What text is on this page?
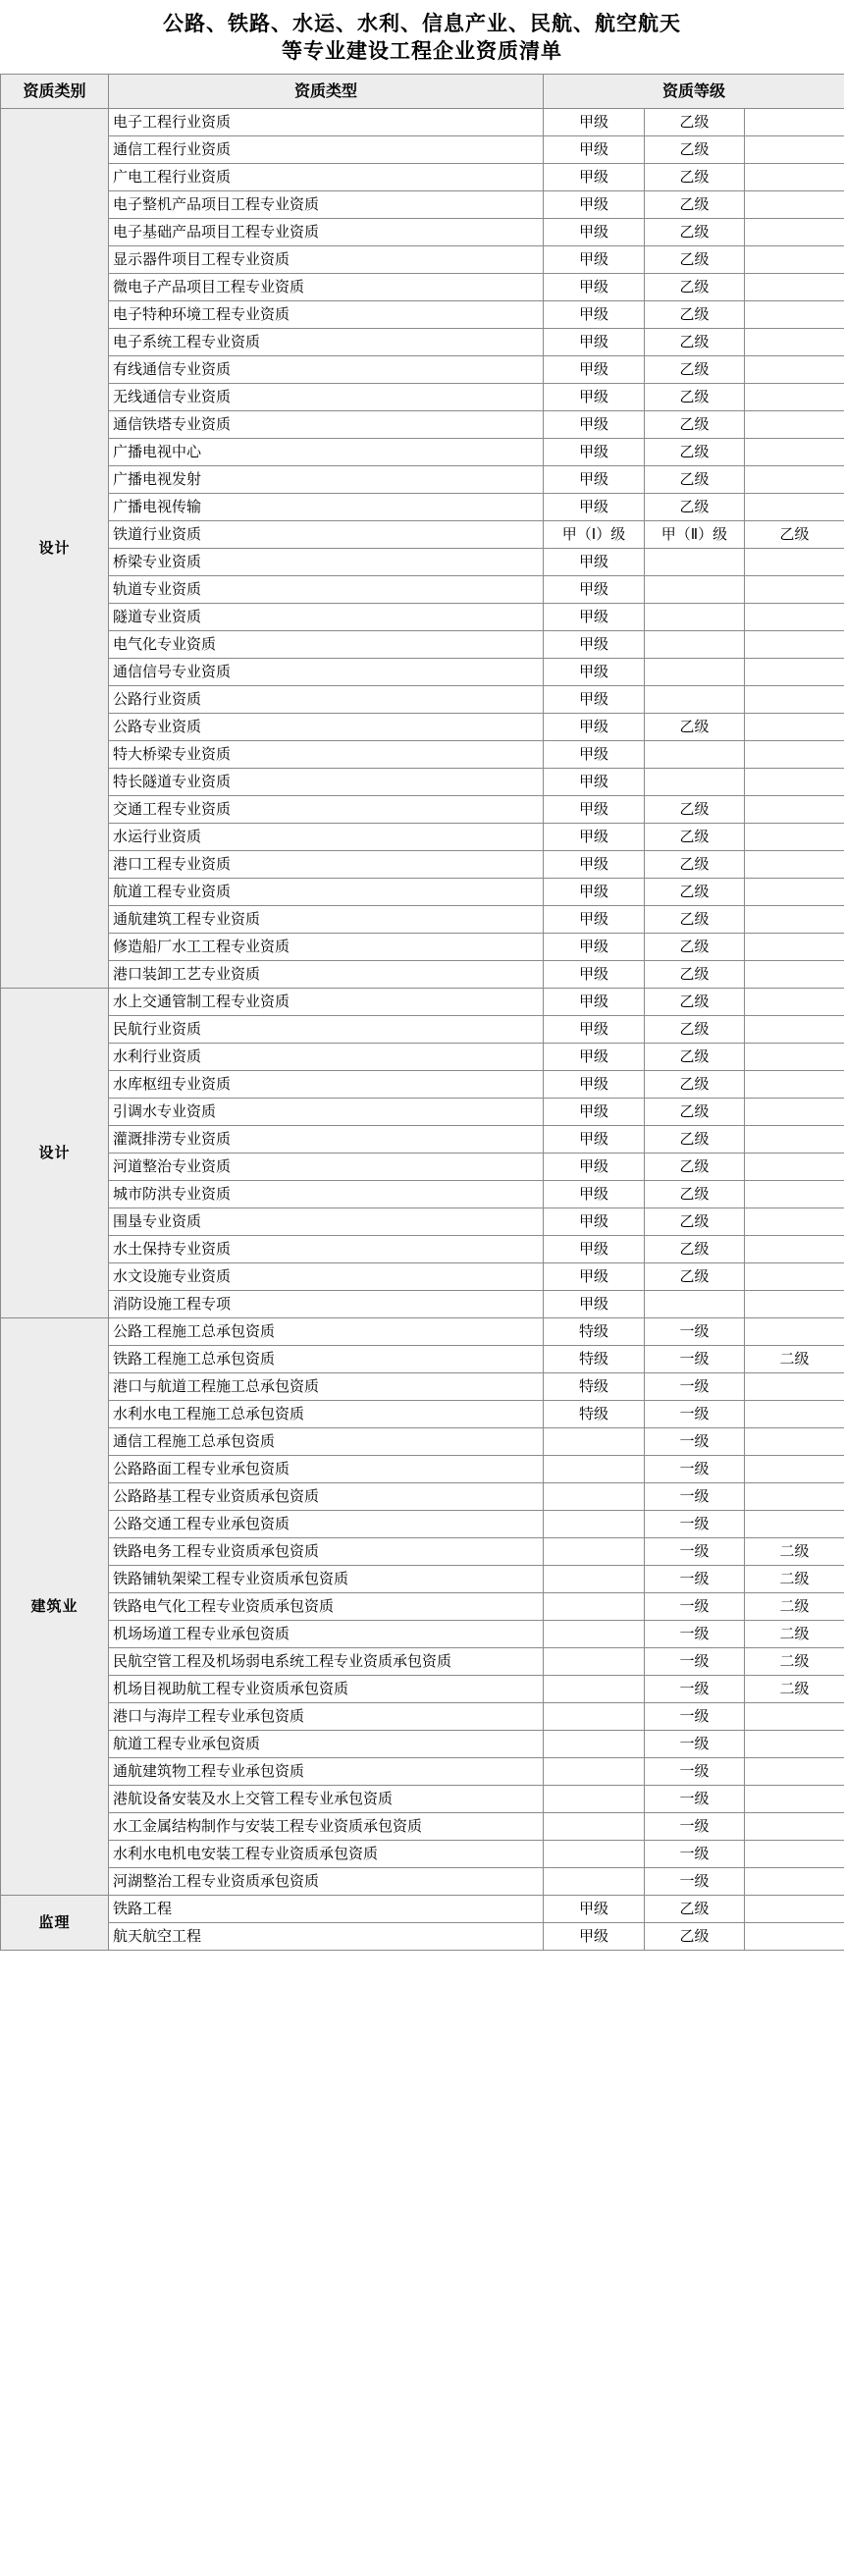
公路、铁路、水运、水利、信息产业、民航、航空航天
等专业建设工程企业资质清单
资质类别	资质类型	资质等级		
设计	电子工程行业资质	甲级	乙级	
	通信工程行业资质	甲级	乙级	
	广电工程行业资质	甲级	乙级	
	电子整机产品项目工程专业资质	甲级	乙级	
	电子基础产品项目工程专业资质	甲级	乙级	
	显示器件项目工程专业资质	甲级	乙级	
	微电子产品项目工程专业资质	甲级	乙级	
	电子特种环境工程专业资质	甲级	乙级	
	电子系统工程专业资质	甲级	乙级	
	有线通信专业资质	甲级	乙级	
	无线通信专业资质	甲级	乙级	
	通信铁塔专业资质	甲级	乙级	
	广播电视中心	甲级	乙级	
	广播电视发射	甲级	乙级	
	广播电视传输	甲级	乙级	
	铁道行业资质	甲（Ⅰ）级	甲（Ⅱ）级	乙级
	桥梁专业资质	甲级		
	轨道专业资质	甲级		
	隧道专业资质	甲级		
	电气化专业资质	甲级		
	通信信号专业资质	甲级		
	公路行业资质	甲级		
	公路专业资质	甲级	乙级	
	特大桥梁专业资质	甲级		
	特长隧道专业资质	甲级		
	交通工程专业资质	甲级	乙级	
	水运行业资质	甲级	乙级	
	港口工程专业资质	甲级	乙级	
	航道工程专业资质	甲级	乙级	
	通航建筑工程专业资质	甲级	乙级	
	修造船厂水工工程专业资质	甲级	乙级	
	港口装卸工艺专业资质	甲级	乙级	
设计	水上交通管制工程专业资质	甲级	乙级	
	民航行业资质	甲级	乙级	
	水利行业资质	甲级	乙级	
	水库枢纽专业资质	甲级	乙级	
	引调水专业资质	甲级	乙级	
	灌溉排涝专业资质	甲级	乙级	
	河道整治专业资质	甲级	乙级	
	城市防洪专业资质	甲级	乙级	
	围垦专业资质	甲级	乙级	
	水土保持专业资质	甲级	乙级	
	水文设施专业资质	甲级	乙级	
	消防设施工程专项	甲级		
建筑业	公路工程施工总承包资质	特级	一级	
	铁路工程施工总承包资质	特级	一级	二级
	港口与航道工程施工总承包资质	特级	一级	
	水利水电工程施工总承包资质	特级	一级	
	通信工程施工总承包资质		一级	
	公路路面工程专业承包资质		一级	
	公路路基工程专业资质承包资质		一级	
	公路交通工程专业承包资质		一级	
	铁路电务工程专业资质承包资质		一级	二级
	铁路铺轨架梁工程专业资质承包资质		一级	二级
	铁路电气化工程专业资质承包资质		一级	二级
	机场场道工程专业承包资质		一级	二级
	民航空管工程及机场弱电系统工程专业资质承包资质		一级	二级
	机场目视助航工程专业资质承包资质		一级	二级
	港口与海岸工程专业承包资质		一级	
	航道工程专业承包资质		一级	
	通航建筑物工程专业承包资质		一级	
	港航设备安装及水上交管工程专业承包资质		一级	
	水工金属结构制作与安装工程专业资质承包资质		一级	
	水利水电机电安装工程专业资质承包资质		一级	
	河湖整治工程专业资质承包资质		一级	
监理	铁路工程	甲级	乙级	
	航天航空工程	甲级	乙级	
